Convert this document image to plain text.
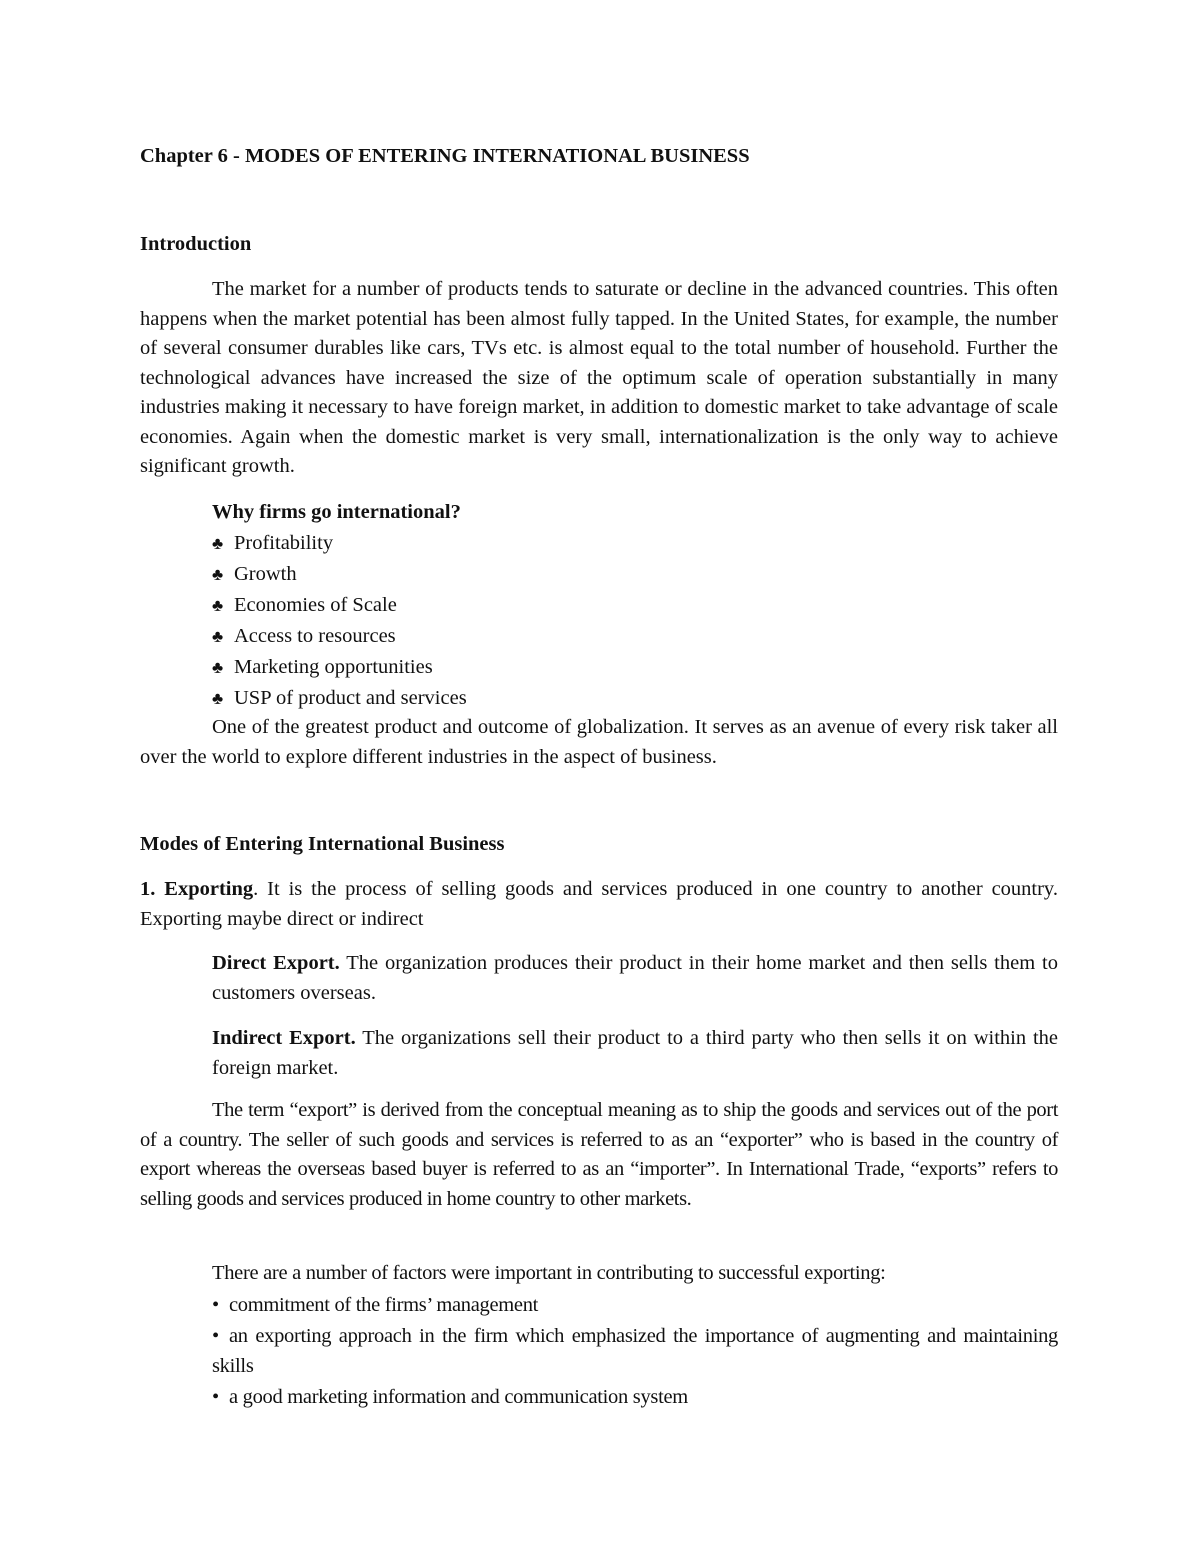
Chapter 6 - MODES OF ENTERING INTERNATIONAL BUSINESS
Introduction

The market for a number of products tends to saturate or decline in the advanced countries. This often happens when the market potential has been almost fully tapped. In the United States, for example, the number of several consumer durables like cars, TVs etc. is almost equal to the total number of household. Further the technological advances have increased the size of the optimum scale of operation substantially in many industries making it necessary to have foreign market, in addition to domestic market to take advantage of scale economies. Again when the domestic market is very small, internationalization is the only way to achieve significant growth.

Why firms go international?
♣ Profitability
♣ Growth
♣ Economies of Scale
♣ Access to resources
♣ Marketing opportunities
♣ USP of product and services

One of the greatest product and outcome of globalization. It serves as an avenue of every risk taker all over the world to explore different industries in the aspect of business.

Modes of Entering International Business

1. Exporting. It is the process of selling goods and services produced in one country to another country. Exporting maybe direct or indirect

Direct Export. The organization produces their product in their home market and then sells them to customers overseas.

Indirect Export. The organizations sell their product to a third party who then sells it on within the foreign market.

The term “export” is derived from the conceptual meaning as to ship the goods and services out of the port of a country. The seller of such goods and services is referred to as an “exporter” who is based in the country of export whereas the overseas based buyer is referred to as an “importer”. In International Trade, “exports” refers to selling goods and services produced in home country to other markets.

There are a number of factors were important in contributing to successful exporting:
• commitment of the firms’ management
• an exporting approach in the firm which emphasized the importance of augmenting and maintaining skills
• a good marketing information and communication system
